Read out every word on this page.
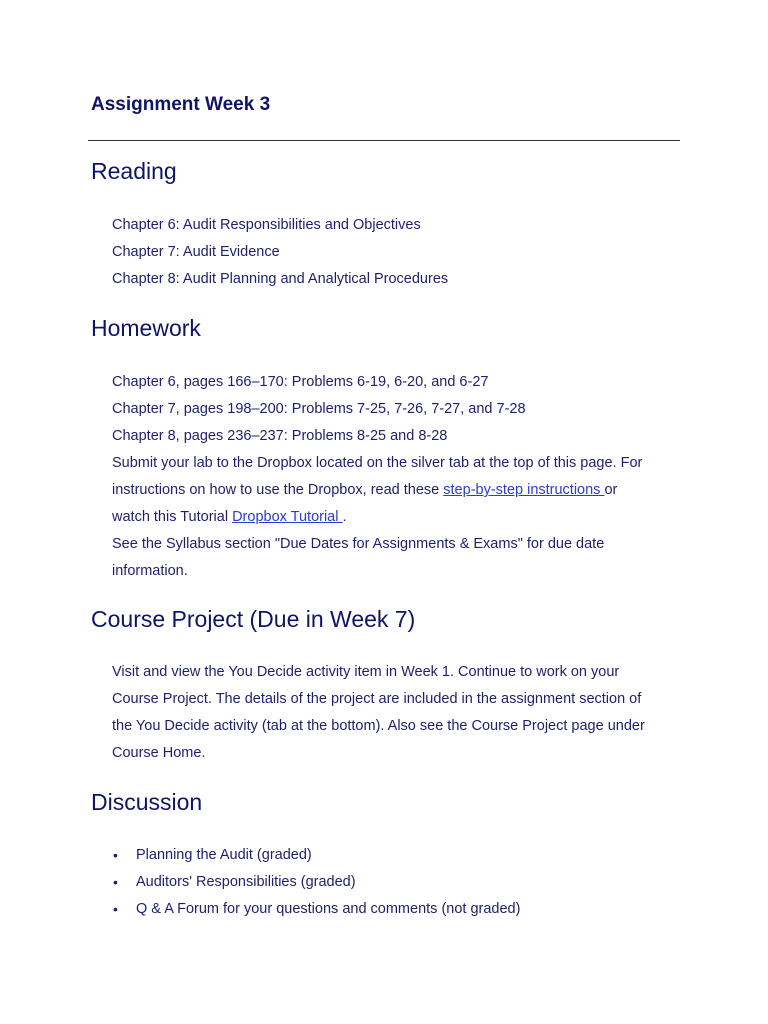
Assignment Week 3
Reading
Chapter 6: Audit Responsibilities and Objectives
Chapter 7: Audit Evidence
Chapter 8: Audit Planning and Analytical Procedures
Homework
Chapter 6, pages 166–170: Problems 6-19, 6-20, and 6-27
Chapter 7, pages 198–200: Problems 7-25, 7-26, 7-27, and 7-28
Chapter 8, pages 236–237: Problems 8-25 and 8-28
Submit your lab to the Dropbox located on the silver tab at the top of this page. For
instructions on how to use the Dropbox, read these step-by-step instructions or
watch this Tutorial Dropbox Tutorial .
See the Syllabus section "Due Dates for Assignments & Exams" for due date
information.
Course Project (Due in Week 7)
Visit and view the You Decide activity item in Week 1. Continue to work on your
Course Project. The details of the project are included in the assignment section of
the You Decide activity (tab at the bottom). Also see the Course Project page under
Course Home.
Discussion
• Planning the Audit (graded)
• Auditors' Responsibilities (graded)
• Q & A Forum for your questions and comments (not graded)
